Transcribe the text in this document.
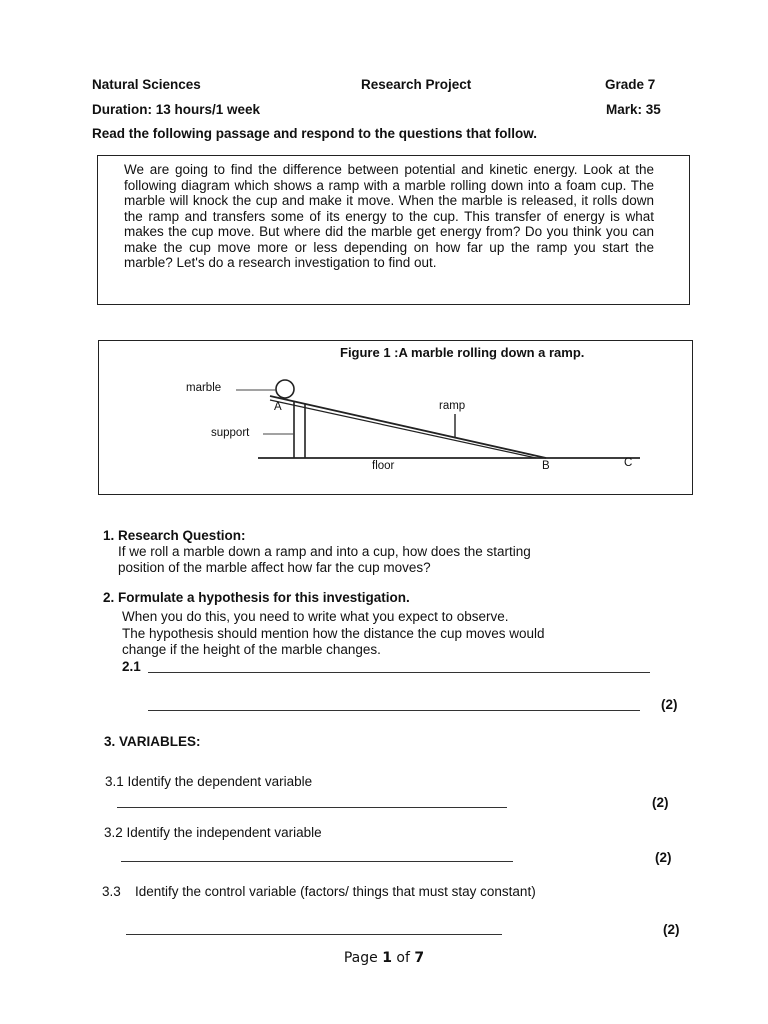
Natural Sciences	Research Project	Grade 7
Duration: 13 hours/1 week	Mark: 35
Read the following passage and respond to the questions that follow.
We are going to find the difference between potential and kinetic energy. Look at the following diagram which shows a ramp with a marble rolling down into a foam cup. The marble will knock the cup and make it move. When the marble is released, it rolls down the ramp and transfers some of its energy to the cup. This transfer of energy is what makes the cup move. But where did the marble get energy from? Do you think you can make the cup move more or less depending on how far up the ramp you start the marble? Let's do a research investigation to find out.
Figure 1 :A marble rolling down a ramp.
marble
A
support
ramp
floor	B	C
1. Research Question:
If we roll a marble down a ramp and into a cup, how does the starting
position of the marble affect how far the cup moves?
2. Formulate a hypothesis for this investigation.
When you do this, you need to write what you expect to observe.
The hypothesis should mention how the distance the cup moves would
change if the height of the marble changes.
2.1
(2)
3. VARIABLES:
3.1 Identify the dependent variable
(2)
3.2 Identify the independent variable
(2)
3.3 Identify the control variable (factors/ things that must stay constant)
(2)
Page 1 of 7
